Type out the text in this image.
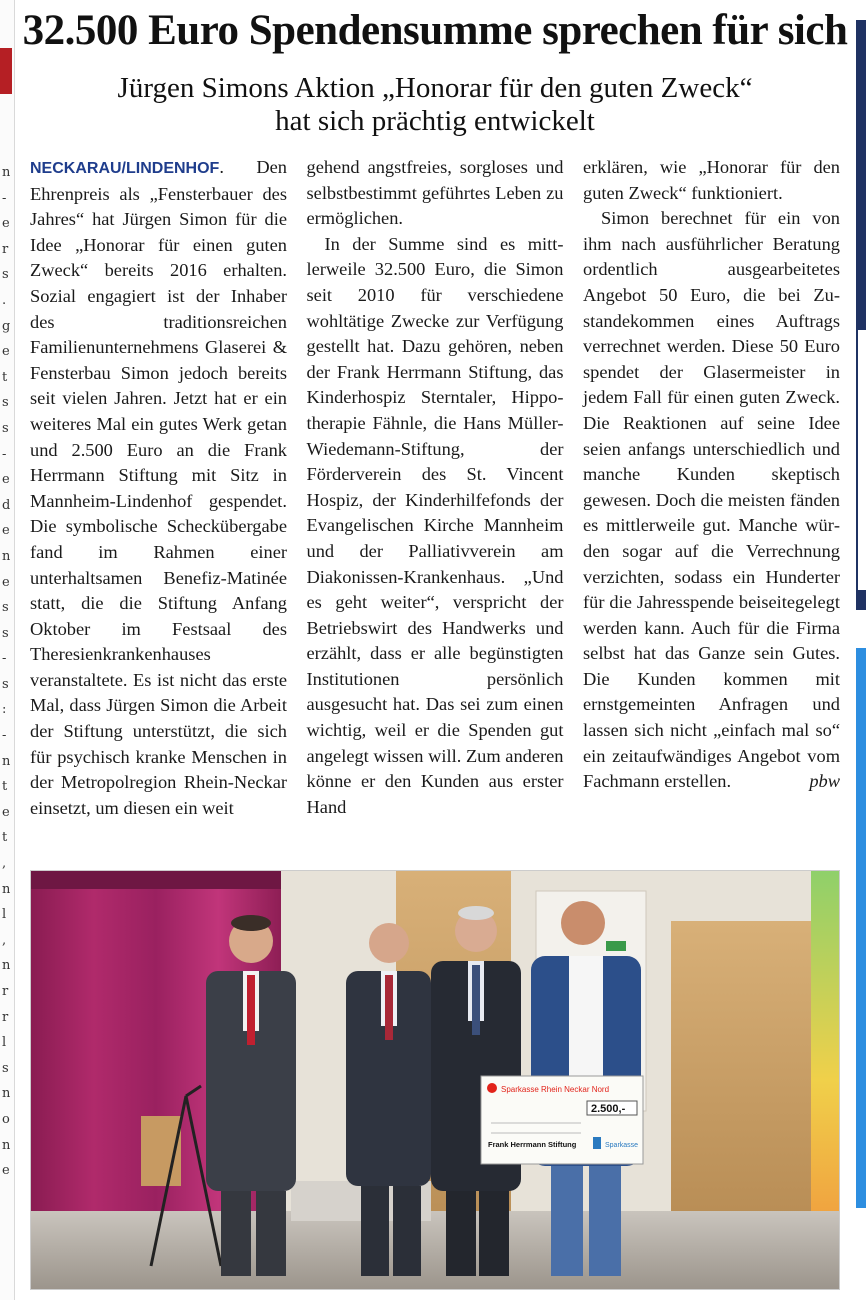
n
-
e
r
s
.
g
e
t
s
s
-
e
d
e
n
e
s
s
-
s
:
-
n
t
e
t
,
n
l
,
n
r
r
l
s
n
o
n
e
32.500 Euro Spendensumme sprechen für sich
Jürgen Simons Aktion „Honorar für den guten Zweck“
hat sich prächtig entwickelt

NECKARAU/LINDENHOF. Den Ehrenpreis als „Fensterbauer des Jahres“ hat Jürgen Simon für die Idee „Honorar für einen guten Zweck“ bereits 2016 erhalten. Sozial engagiert ist der Inhaber des traditionsreichen Familienunternehmens Glaserei & Fensterbau Simon jedoch bereits seit vielen Jahren. Jetzt hat er ein weiteres Mal ein gutes Werk getan und 2.500 Euro an die Frank Herrmann Stiftung mit Sitz in Mannheim-Lindenhof gespendet. Die symbolische Scheckübergabe fand im Rahmen einer unterhaltsamen Benefiz-Matinée statt, die die Stiftung Anfang Oktober im Festsaal des Theresienkrankenhauses veranstaltete. Es ist nicht das erste Mal, dass Jürgen Simon die Arbeit der Stiftung unterstützt, die sich für psychisch kranke Menschen in der Metropolregion Rhein-Neckar einsetzt, um diesen ein weit

gehend angstfreies, sorgloses und selbstbestimmt geführtes Leben zu ermöglichen.

In der Summe sind es mittlerweile 32.500 Euro, die Simon seit 2010 für verschiedene wohltätige Zwecke zur Verfügung gestellt hat. Dazu gehören, neben der Frank Herrmann Stiftung, das Kinderhospiz Sterntaler, Hippotherapie Fähnle, die Hans Müller-Wiedemann-Stiftung, der Förderverein des St. Vincent Hospiz, der Kinderhilfefonds der Evangelischen Kirche Mannheim und der Palliativverein am Diakonissen-Krankenhaus. „Und es geht weiter“, verspricht der Betriebswirt des Handwerks und erzählt, dass er alle begünstigten Institutionen persönlich ausgesucht hat. Das sei zum einen wichtig, weil er die Spenden gut angelegt wissen will. Zum anderen könne er den Kunden aus erster Hand

erklären, wie „Honorar für den guten Zweck“ funktioniert.

Simon berechnet für ein von ihm nach ausführlicher Beratung ordentlich ausgearbeitetes Angebot 50 Euro, die bei Zustandekommen eines Auftrags verrechnet werden. Diese 50 Euro spendet der Glasermeister in jedem Fall für einen guten Zweck. Die Reaktionen auf seine Idee seien anfangs unterschiedlich und manche Kunden skeptisch gewesen. Doch die meisten fänden es mittlerweile gut. Manche würden sogar auf die Verrechnung verzichten, sodass ein Hunderter für die Jahresspende beiseitegelegt werden kann. Auch für die Firma selbst hat das Ganze sein Gutes. Die Kunden kommen mit ernstgemeinten Anfragen und lassen sich nicht „einfach mal so“ ein zeitaufwändiges Angebot vom Fachmann erstellen.	pbw

Sparkasse Rhein Neckar Nord
2.500,-
Frank Herrmann Stiftung	Sparkasse
